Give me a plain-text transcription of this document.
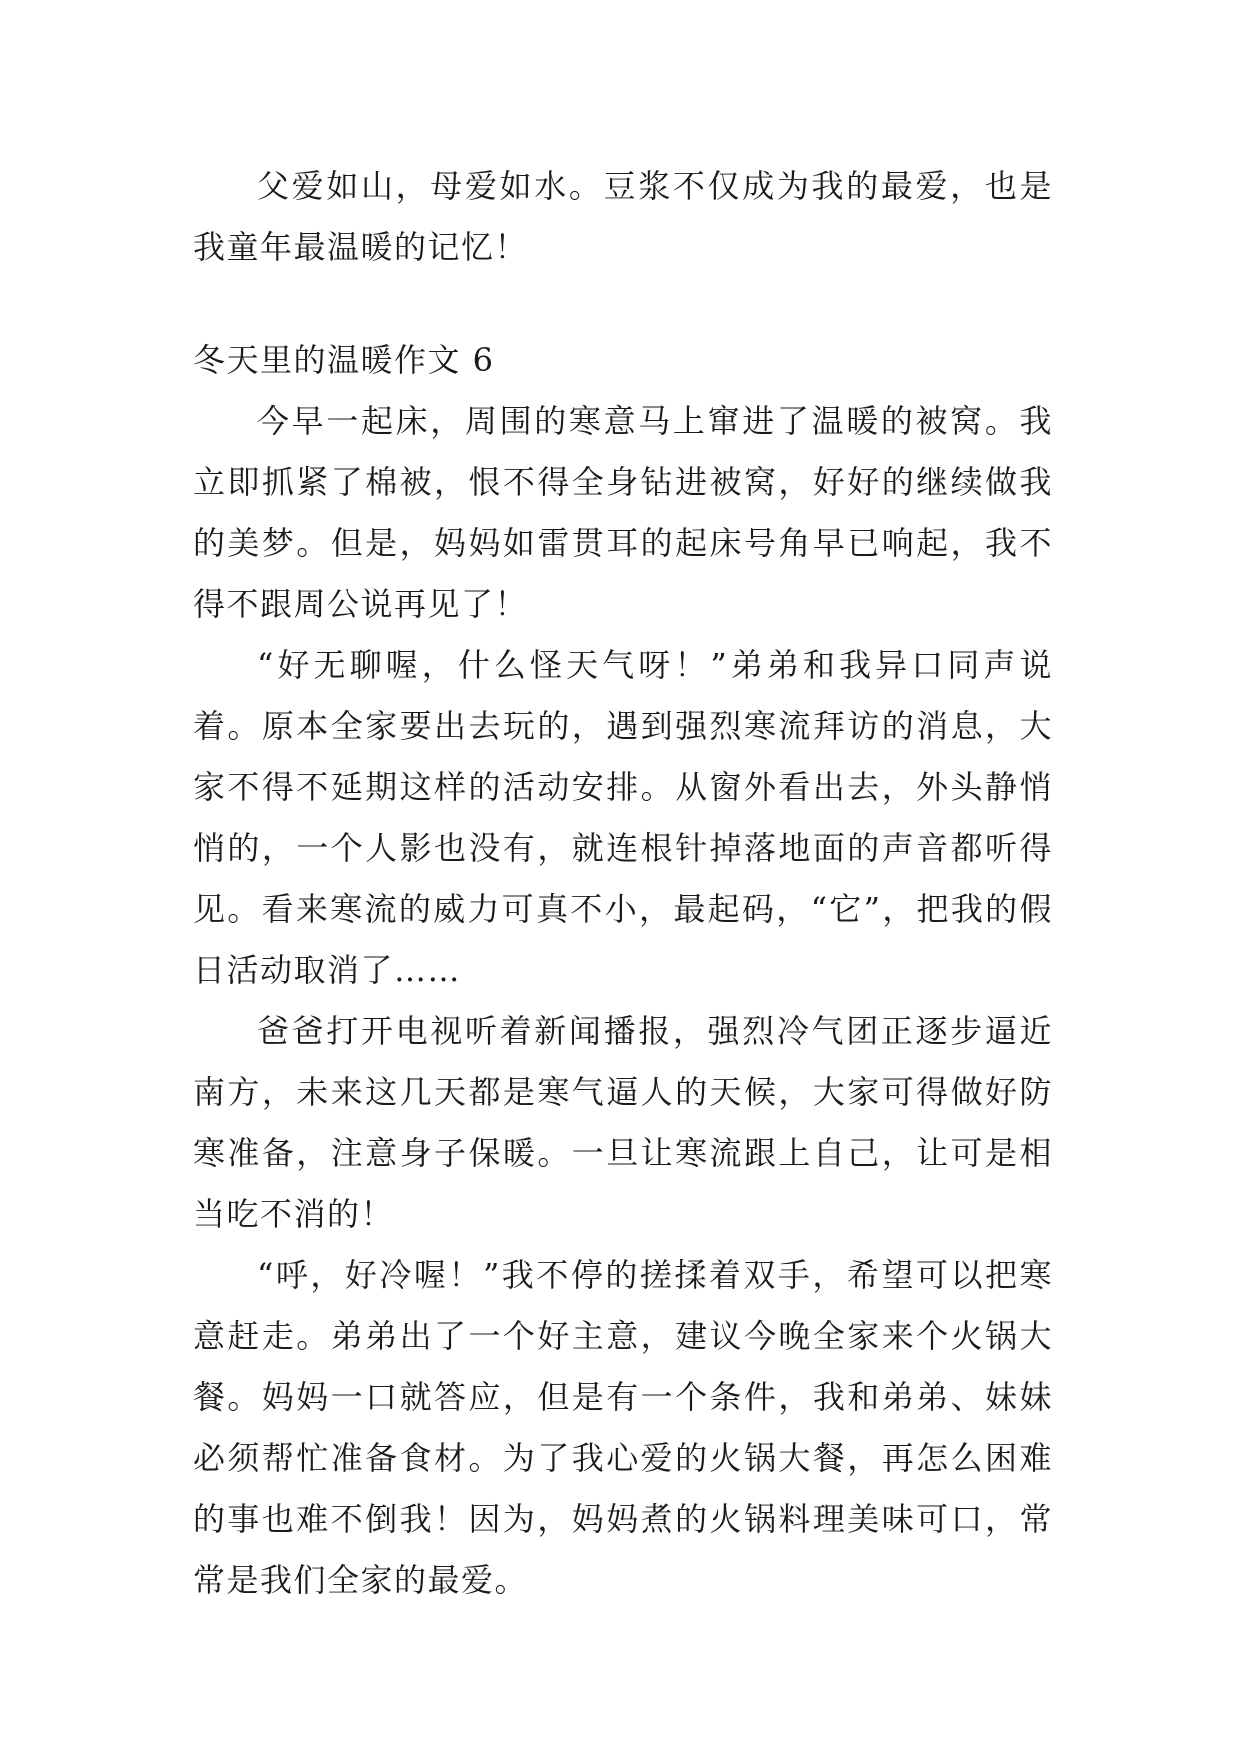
父爱如山，母爱如水。豆浆不仅成为我的最爱，也是我童年最温暖的记忆！

冬天里的温暖作文 6

今早一起床，周围的寒意马上窜进了温暖的被窝。我立即抓紧了棉被，恨不得全身钻进被窝，好好的继续做我的美梦。但是，妈妈如雷贯耳的起床号角早已响起，我不得不跟周公说再见了！

“好无聊喔，什么怪天气呀！”弟弟和我异口同声说着。原本全家要出去玩的，遇到强烈寒流拜访的消息，大家不得不延期这样的活动安排。从窗外看出去，外头静悄悄的，一个人影也没有，就连根针掉落地面的声音都听得见。看来寒流的威力可真不小，最起码，“它”，把我的假日活动取消了……

爸爸打开电视听着新闻播报，强烈冷气团正逐步逼近南方，未来这几天都是寒气逼人的天候，大家可得做好防寒准备，注意身子保暖。一旦让寒流跟上自己，让可是相当吃不消的！

“呼，好冷喔！”我不停的搓揉着双手，希望可以把寒意赶走。弟弟出了一个好主意，建议今晚全家来个火锅大餐。妈妈一口就答应，但是有一个条件，我和弟弟、妹妹必须帮忙准备食材。为了我心爱的火锅大餐，再怎么困难的事也难不倒我！因为，妈妈煮的火锅料理美味可口，常常是我们全家的最爱。
